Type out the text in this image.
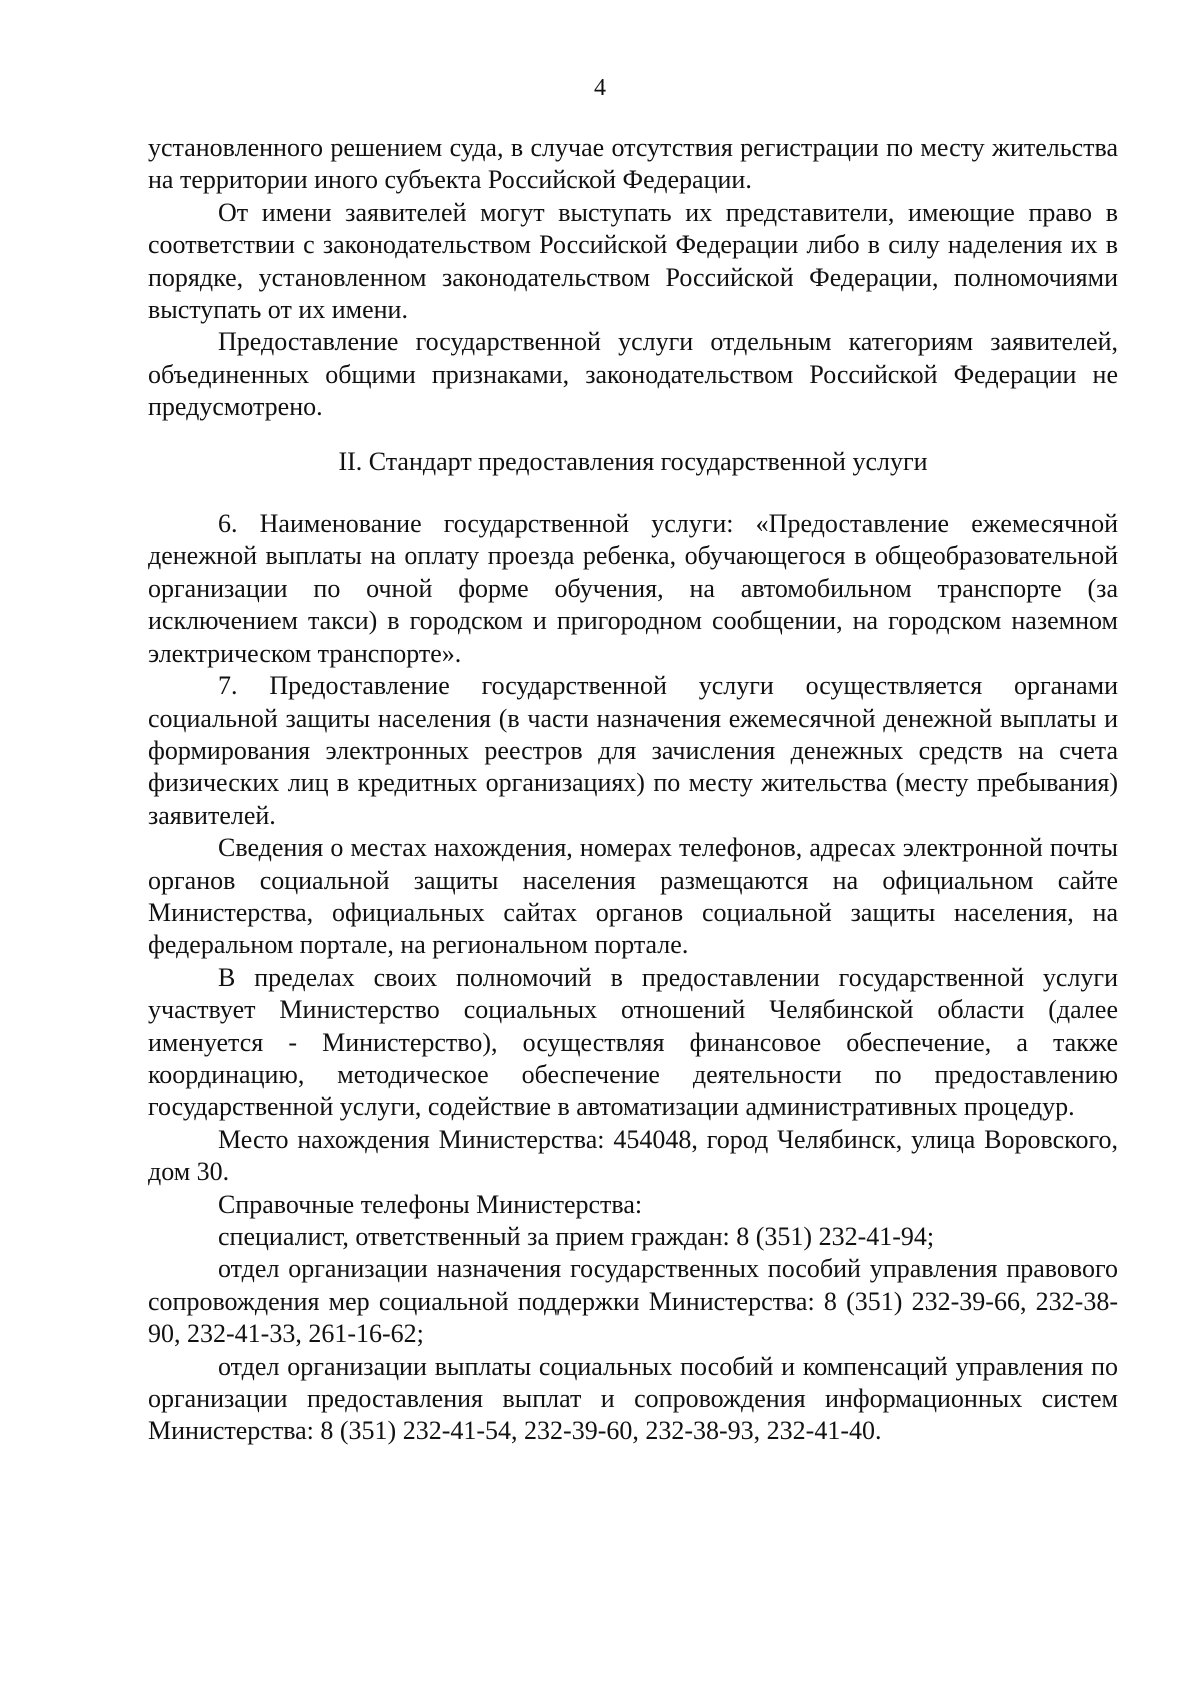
4

установленного решением суда, в случае отсутствия регистрации по месту жительства на территории иного субъекта Российской Федерации.

От имени заявителей могут выступать их представители, имеющие право в соответствии с законодательством Российской Федерации либо в силу наделения их в порядке, установленном законодательством Российской Федерации, полномочиями выступать от их имени.

Предоставление государственной услуги отдельным категориям заявителей, объединенных общими признаками, законодательством Российской Федерации не предусмотрено.

II. Стандарт предоставления государственной услуги

6. Наименование государственной услуги: «Предоставление ежемесячной денежной выплаты на оплату проезда ребенка, обучающегося в общеобразовательной организации по очной форме обучения, на автомобильном транспорте (за исключением такси) в городском и пригородном сообщении, на городском наземном электрическом транспорте».

7. Предоставление государственной услуги осуществляется органами социальной защиты населения (в части назначения ежемесячной денежной выплаты и формирования электронных реестров для зачисления денежных средств на счета физических лиц в кредитных организациях) по месту жительства (месту пребывания) заявителей.

Сведения о местах нахождения, номерах телефонов, адресах электронной почты органов социальной защиты населения размещаются на официальном сайте Министерства, официальных сайтах органов социальной защиты населения, на федеральном портале, на региональном портале.

В пределах своих полномочий в предоставлении государственной услуги участвует Министерство социальных отношений Челябинской области (далее именуется - Министерство), осуществляя финансовое обеспечение, а также координацию, методическое обеспечение деятельности по предоставлению государственной услуги, содействие в автоматизации административных процедур.

Место нахождения Министерства: 454048, город Челябинск, улица Воровского, дом 30.

Справочные телефоны Министерства:

специалист, ответственный за прием граждан: 8 (351) 232-41-94;

отдел организации назначения государственных пособий управления правового сопровождения мер социальной поддержки Министерства: 8 (351) 232-39-66, 232-38-90, 232-41-33, 261-16-62;

отдел организации выплаты социальных пособий и компенсаций управления по организации предоставления выплат и сопровождения информационных систем Министерства: 8 (351) 232-41-54, 232-39-60, 232-38-93, 232-41-40.
